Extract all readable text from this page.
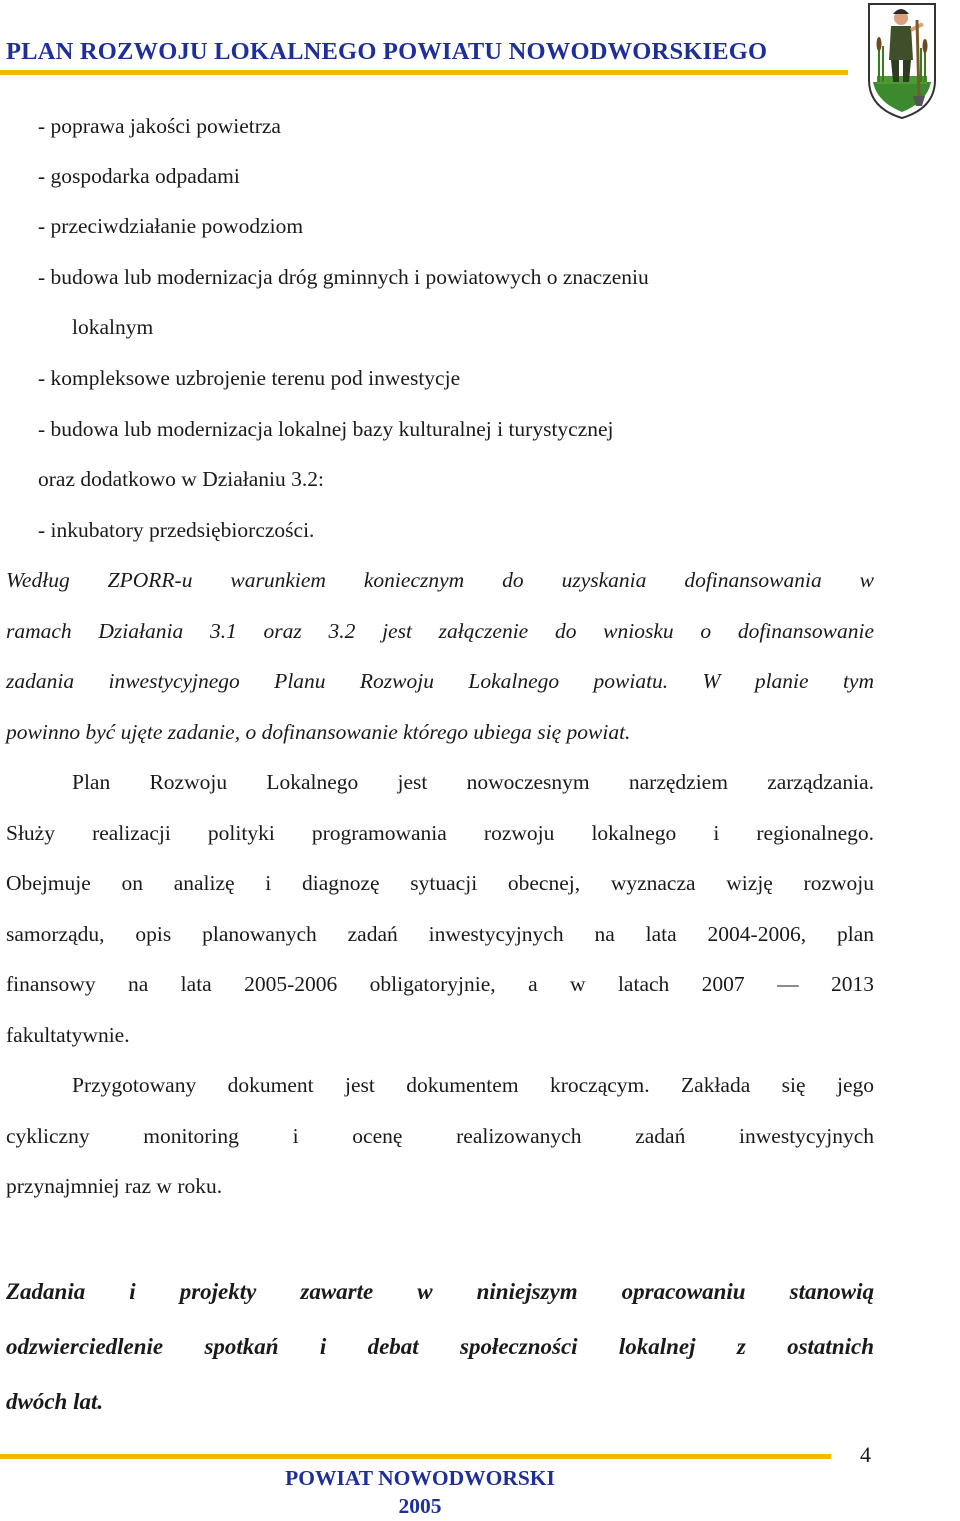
PLAN ROZWOJU LOKALNEGO POWIATU NOWODWORSKIEGO
- poprawa jakości powietrza
- gospodarka odpadami
- przeciwdziałanie powodziom
- budowa lub modernizacja dróg gminnych i powiatowych o znaczeniu
lokalnym
- kompleksowe uzbrojenie terenu pod inwestycje
- budowa lub modernizacja lokalnej bazy kulturalnej i turystycznej
oraz dodatkowo w Działaniu 3.2:
- inkubatory przedsiębiorczości.
Według ZPORR-u warunkiem koniecznym do uzyskania dofinansowania w
ramach Działania 3.1 oraz 3.2 jest załączenie do wniosku o dofinansowanie
zadania inwestycyjnego Planu Rozwoju Lokalnego powiatu. W planie tym
powinno być ujęte zadanie, o dofinansowanie którego ubiega się powiat.
Plan Rozwoju Lokalnego jest nowoczesnym narzędziem zarządzania.
Służy realizacji polityki programowania rozwoju lokalnego i regionalnego.
Obejmuje on analizę i diagnozę sytuacji obecnej, wyznacza wizję rozwoju
samorządu, opis planowanych zadań inwestycyjnych na lata 2004-2006, plan
finansowy na lata 2005-2006 obligatoryjnie, a w latach 2007 — 2013
fakultatywnie.
Przygotowany dokument jest dokumentem kroczącym. Zakłada się jego
cykliczny monitoring i ocenę realizowanych zadań inwestycyjnych
przynajmniej raz w roku.
Zadania i projekty zawarte w niniejszym opracowaniu stanowią
odzwierciedlenie spotkań i debat społeczności lokalnej z ostatnich
dwóch lat.
POWIAT NOWODWORSKI
2005
4
